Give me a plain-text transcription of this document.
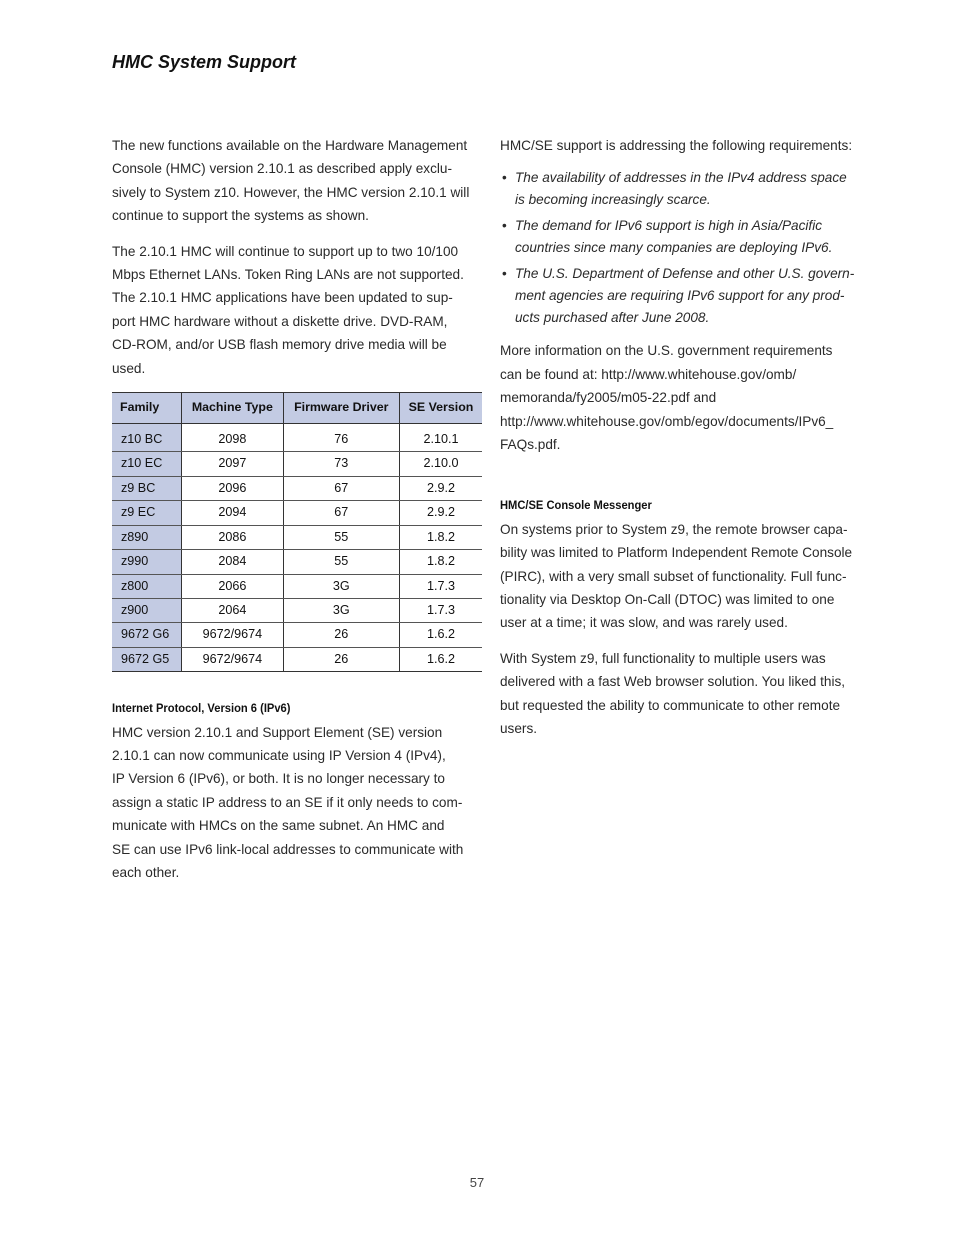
HMC System Support

The new functions available on the Hardware Management
Console (HMC) version 2.10.1 as described apply exclu-
sively to System z10. However, the HMC version 2.10.1 will
continue to support the systems as shown.

The 2.10.1 HMC will continue to support up to two 10/100
Mbps Ethernet LANs. Token Ring LANs are not supported.
The 2.10.1 HMC applications have been updated to sup-
port HMC hardware without a diskette drive. DVD-RAM,
CD-ROM, and/or USB flash memory drive media will be
used.

Family	Machine Type	Firmware Driver	SE Version
z10 BC	2098	76	2.10.1
z10 EC	2097	73	2.10.0
z9 BC	2096	67	2.9.2
z9 EC	2094	67	2.9.2
z890	2086	55	1.8.2
z990	2084	55	1.8.2
z800	2066	3G	1.7.3
z900	2064	3G	1.7.3
9672 G6	9672/9674	26	1.6.2
9672 G5	9672/9674	26	1.6.2
Internet Protocol, Version 6 (IPv6)

HMC version 2.10.1 and Support Element (SE) version
2.10.1 can now communicate using IP Version 4 (IPv4),
IP Version 6 (IPv6), or both. It is no longer necessary to
assign a static IP address to an SE if it only needs to com-
municate with HMCs on the same subnet. An HMC and
SE can use IPv6 link-local addresses to communicate with
each other.

HMC/SE support is addressing the following requirements:

• The availability of addresses in the IPv4 address space
is becoming increasingly scarce.
• The demand for IPv6 support is high in Asia/Pacific
countries since many companies are deploying IPv6.
• The U.S. Department of Defense and other U.S. govern-
ment agencies are requiring IPv6 support for any prod-
ucts purchased after June 2008.

More information on the U.S. government requirements
can be found at: http://www.whitehouse.gov/omb/
memoranda/fy2005/m05-22.pdf and
http://www.whitehouse.gov/omb/egov/documents/IPv6_
FAQs.pdf.

HMC/SE Console Messenger

On systems prior to System z9, the remote browser capa-
bility was limited to Platform Independent Remote Console
(PIRC), with a very small subset of functionality. Full func-
tionality via Desktop On-Call (DTOC) was limited to one
user at a time; it was slow, and was rarely used.

With System z9, full functionality to multiple users was
delivered with a fast Web browser solution. You liked this,
but requested the ability to communicate to other remote
users.

57
